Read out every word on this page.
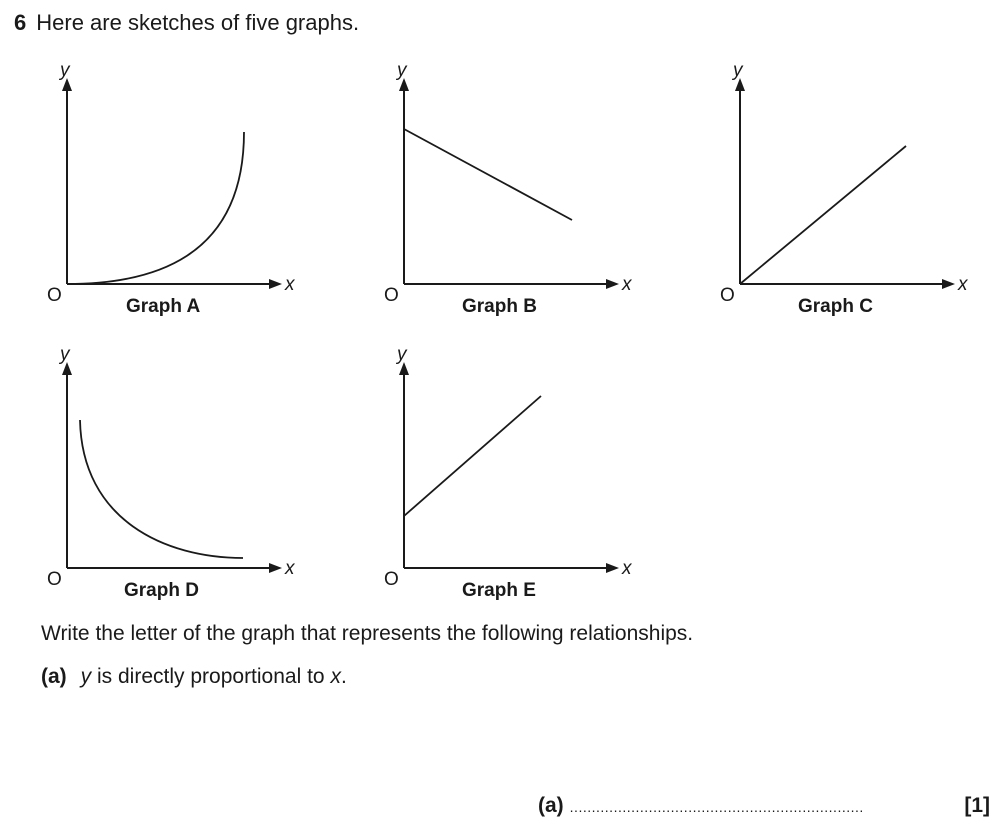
6 Here are sketches of five graphs.
y
x
O
Graph A
y
x
O
Graph B
y
x
O
Graph C
y
x
O
Graph D
y
x
O
Graph E
Write the letter of the graph that represents the following relationships.
(a) y is directly proportional to x.
(a) ...................................................................	[1]
